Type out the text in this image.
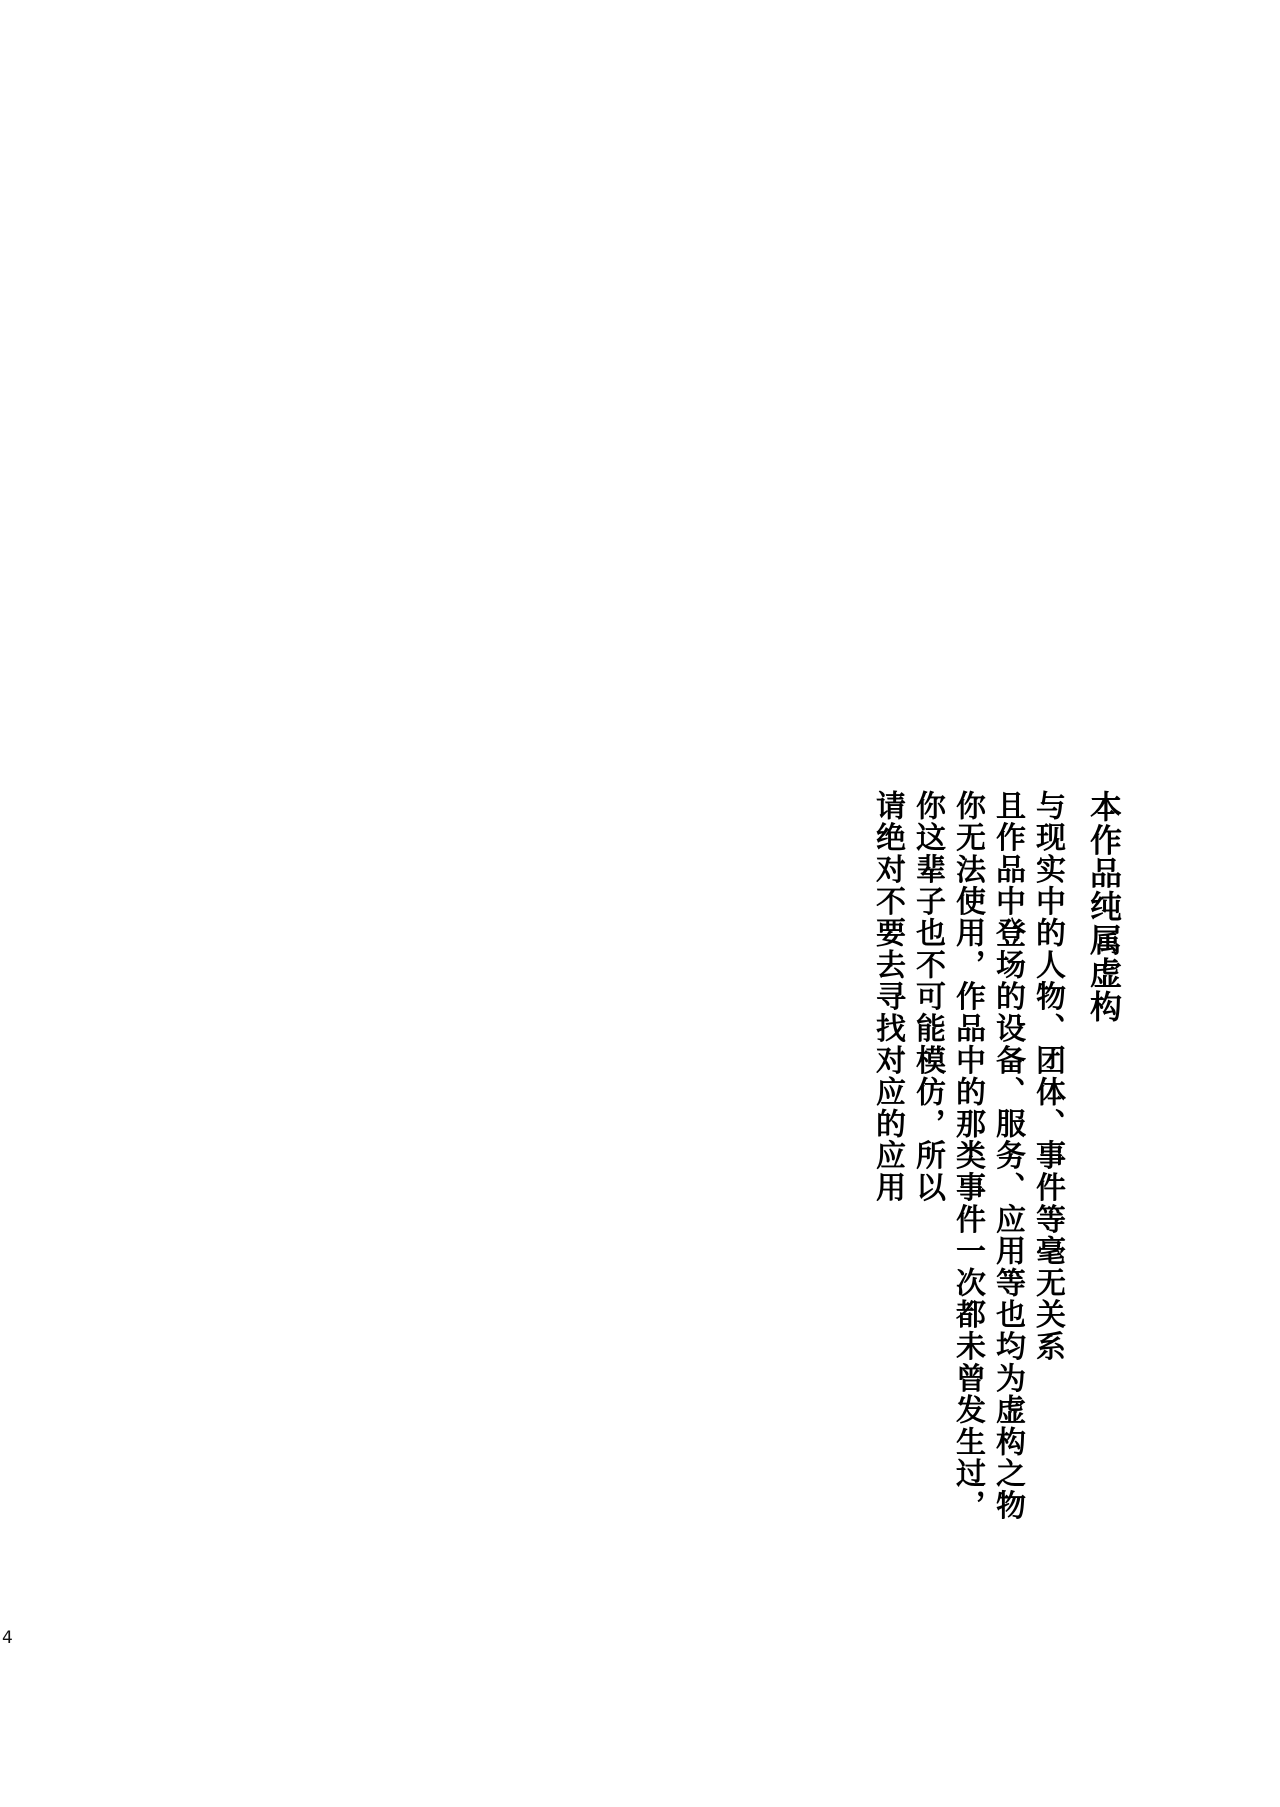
本作品纯属虚构
与现实中的人物、团体、事件等毫无关系
且作品中登场的设备、服务、应用等也均为虚构之物
你无法使用，作品中的那类事件一次都未曾发生过，
你这辈子也不可能模仿，所以
请绝对不要去寻找对应的应用
4
